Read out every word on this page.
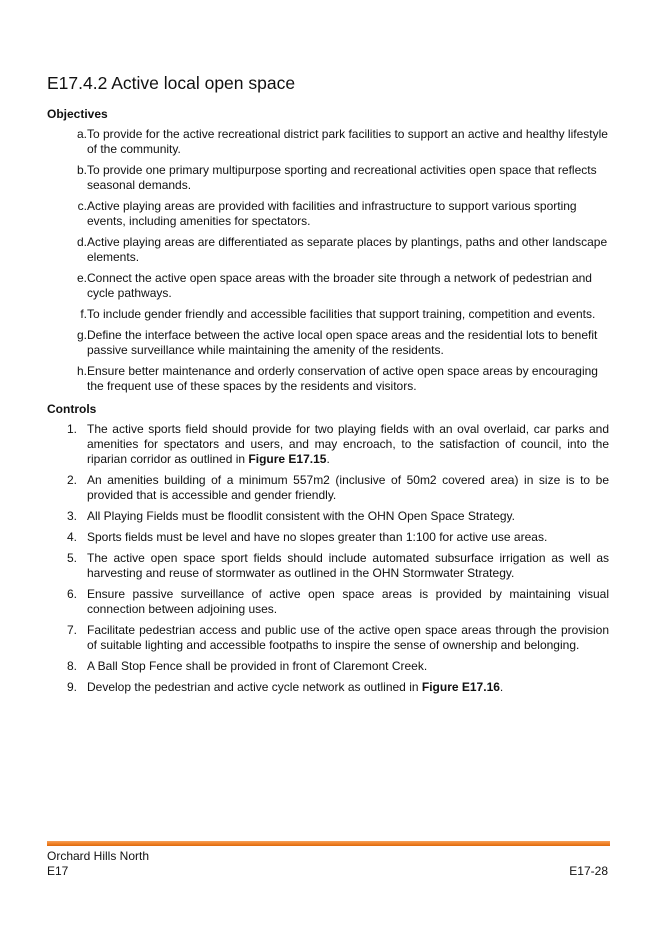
E17.4.2 Active local open space
Objectives
a. To provide for the active recreational district park facilities to support an active and healthy lifestyle of the community.
b. To provide one primary multipurpose sporting and recreational activities open space that reflects seasonal demands.
c. Active playing areas are provided with facilities and infrastructure to support various sporting events, including amenities for spectators.
d. Active playing areas are differentiated as separate places by plantings, paths and other landscape elements.
e. Connect the active open space areas with the broader site through a network of pedestrian and cycle pathways.
f. To include gender friendly and accessible facilities that support training, competition and events.
g. Define the interface between the active local open space areas and the residential lots to benefit passive surveillance while maintaining the amenity of the residents.
h. Ensure better maintenance and orderly conservation of active open space areas by encouraging the frequent use of these spaces by the residents and visitors.
Controls
1. The active sports field should provide for two playing fields with an oval overlaid, car parks and amenities for spectators and users, and may encroach, to the satisfaction of council, into the riparian corridor as outlined in Figure E17.15.
2. An amenities building of a minimum 557m2 (inclusive of 50m2 covered area) in size is to be provided that is accessible and gender friendly.
3. All Playing Fields must be floodlit consistent with the OHN Open Space Strategy.
4. Sports fields must be level and have no slopes greater than 1:100 for active use areas.
5. The active open space sport fields should include automated subsurface irrigation as well as harvesting and reuse of stormwater as outlined in the OHN Stormwater Strategy.
6. Ensure passive surveillance of active open space areas is provided by maintaining visual connection between adjoining uses.
7. Facilitate pedestrian access and public use of the active open space areas through the provision of suitable lighting and accessible footpaths to inspire the sense of ownership and belonging.
8. A Ball Stop Fence shall be provided in front of Claremont Creek.
9. Develop the pedestrian and active cycle network as outlined in Figure E17.16.

Orchard Hills North

E17	E17-28
